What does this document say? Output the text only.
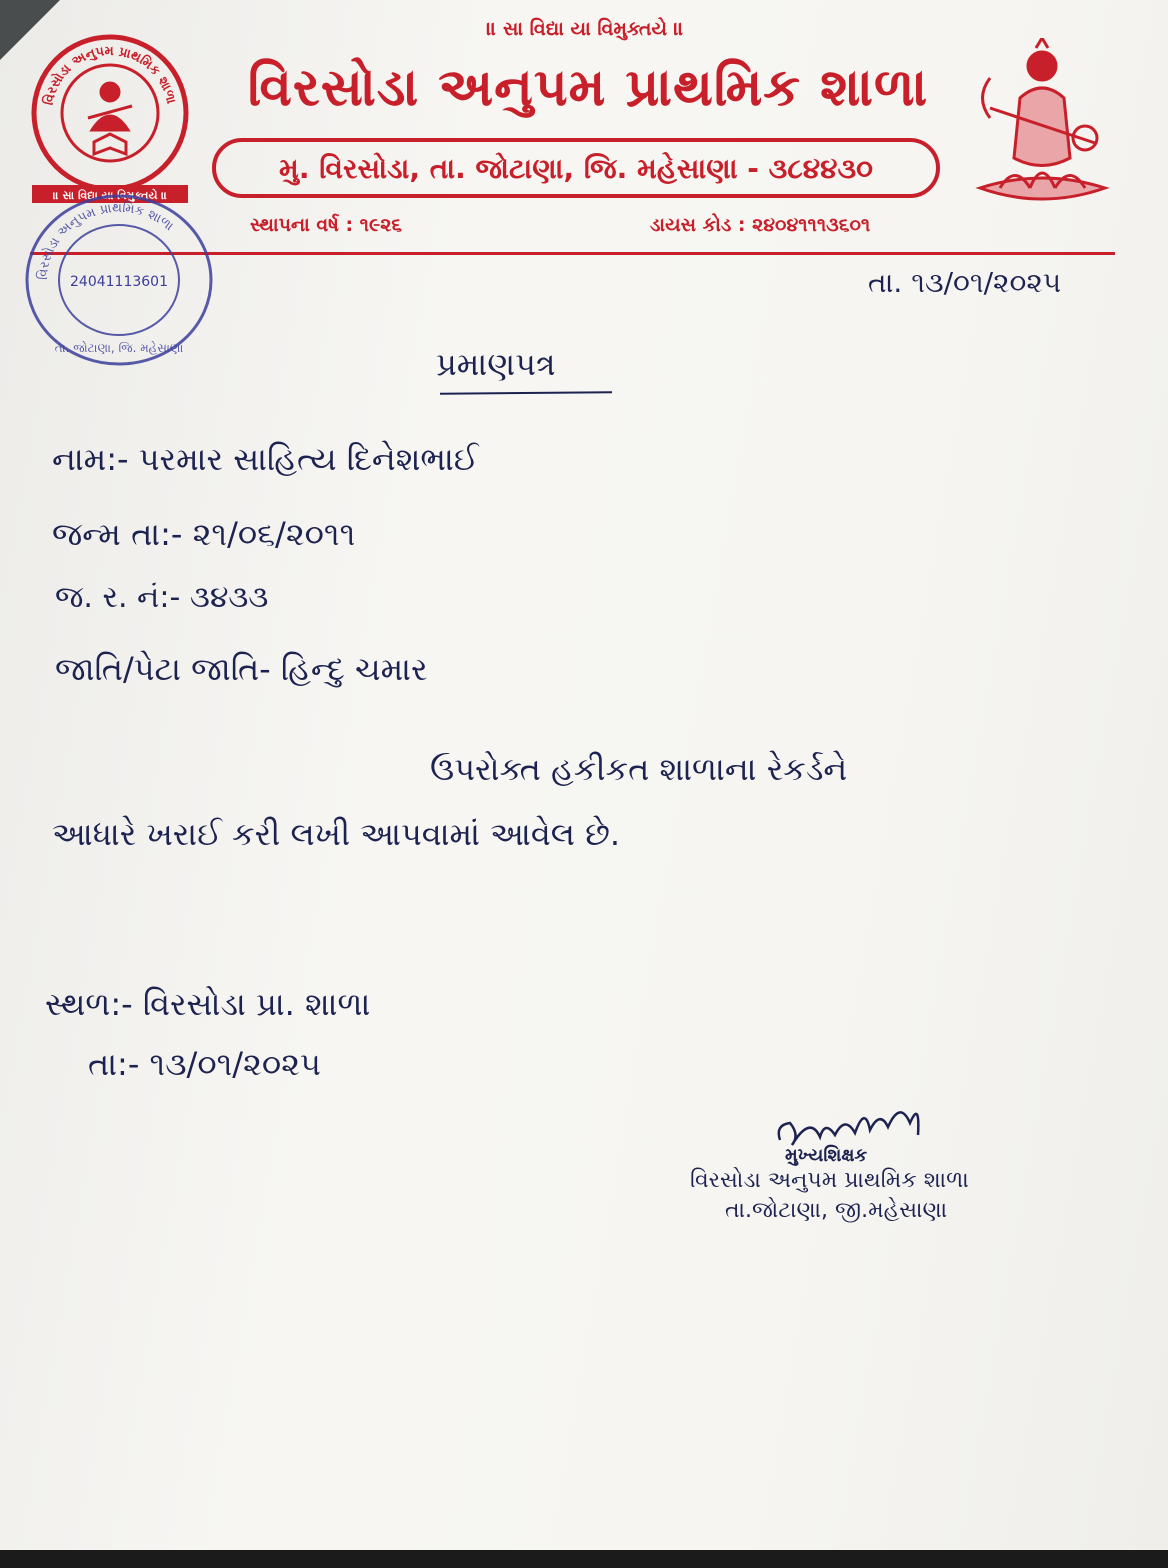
વિરસોડા અનુપમ પ્રાથમિક શાળા
॥ સા વિદ્યા યા વિમુક્તયે ॥
॥ સા વિદ્યા યા વિમુક્તયે ॥
વિરસોડા અનુપમ પ્રાથમિક શાળા
મુ. વિરસોડા, તા. જોટાણા, જિ. મહેસાણા - ૩૮૪૪૩૦
સ્થાપના વર્ષ : ૧૯૨૬	ડાયસ કોડ : ૨૪૦૪૧૧૧૩૬૦૧
વિરસોડા અનુપમ પ્રાથમિક શાળા
24041113601
તા. જોટાણા, જિ. મહેસાણા
તા. ૧૩/૦૧/૨૦૨૫
પ્રમાણપત્ર
નામ:- પરમાર સાહિત્ય દિનેશભાઈ
જન્મ તા:- ૨૧/૦૬/૨૦૧૧
જ. ર. નં:- ૩૪૩૩
જાતિ/પેટા જાતિ- હિન્દુ ચમાર
ઉપરોક્ત હકીકત શાળાના રેકર્ડને
આધારે ખરાઈ કરી લખી આપવામાં આવેલ છે.
સ્થળ:- વિરસોડા પ્રા. શાળા
તા:- ૧૩/૦૧/૨૦૨૫
મુખ્યશિક્ષક
વિરસોડા અનુપમ પ્રાથમિક શાળા
તા.જોટાણા, જી.મહેસાણા
